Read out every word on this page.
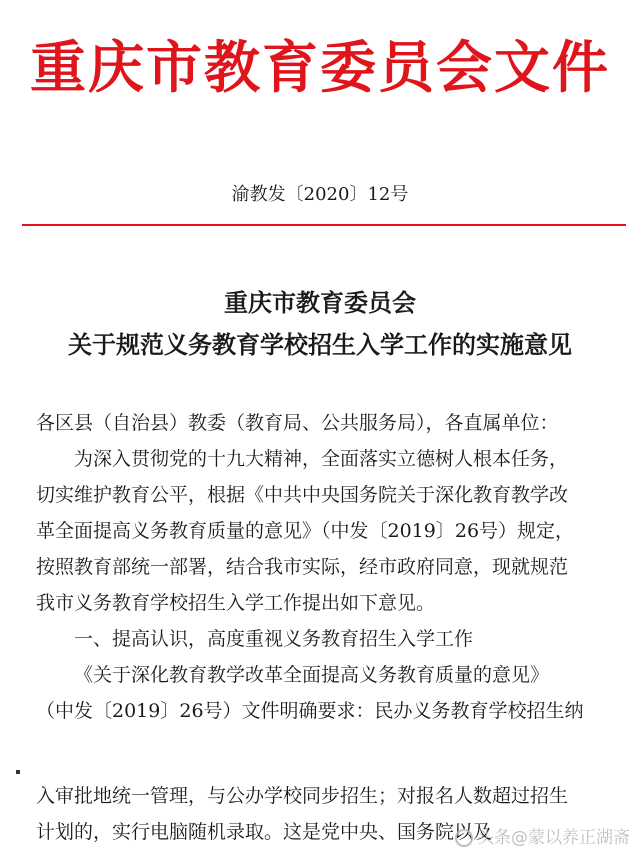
重庆市教育委员会文件
渝教发〔2020〕12号
重庆市教育委员会
关于规范义务教育学校招生入学工作的实施意见
各区县（自治县）教委（教育局、公共服务局），各直属单位：
为深入贯彻党的十九大精神，全面落实立德树人根本任务，
切实维护教育公平，根据《中共中央国务院关于深化教育教学改
革全面提高义务教育质量的意见》（中发〔2019〕26号）规定，
按照教育部统一部署，结合我市实际，经市政府同意，现就规范
我市义务教育学校招生入学工作提出如下意见。
一、提高认识，高度重视义务教育招生入学工作
《关于深化教育教学改革全面提高义务教育质量的意见》
（中发〔2019〕26号）文件明确要求：民办义务教育学校招生纳
入审批地统一管理，与公办学校同步招生；对报名人数超过招生
计划的，实行电脑随机录取。这是党中央、国务院以及
头条@蒙以养正湖斋
